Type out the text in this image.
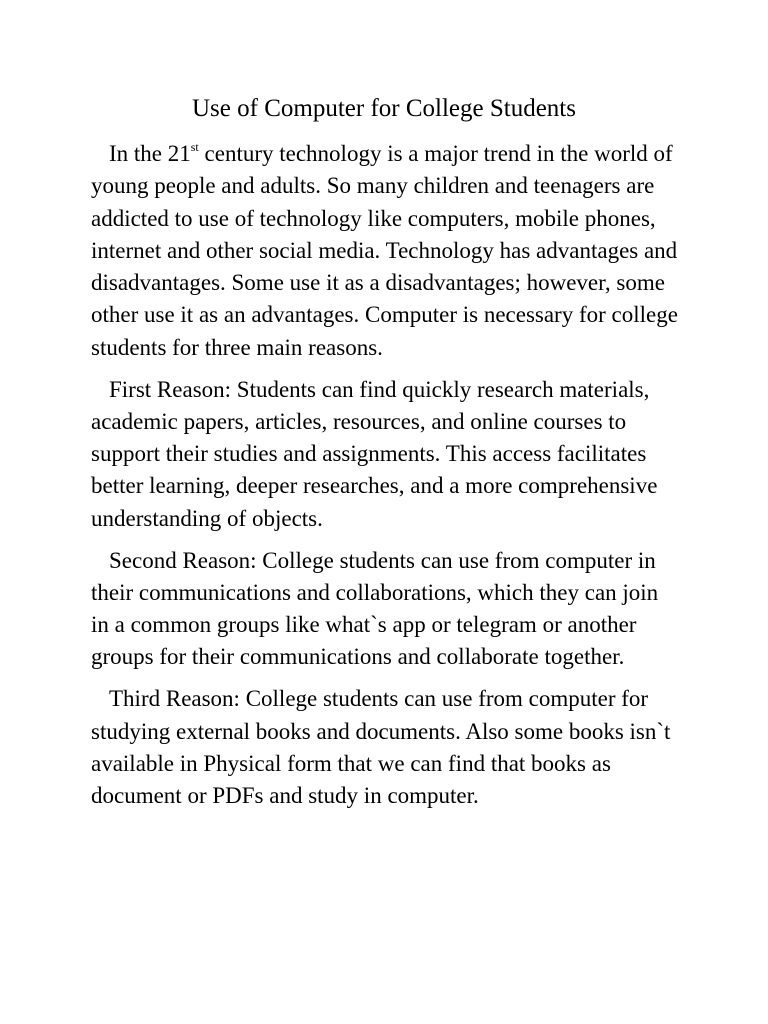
Use of Computer for College Students

In the 21st century technology is a major trend in the world of young people and adults. So many children and teenagers are addicted to use of technology like computers, mobile phones, internet and other social media. Technology has advantages and disadvantages. Some use it as a disadvantages; however, some other use it as an advantages. Computer is necessary for college students for three main reasons.

First Reason: Students can find quickly research materials, academic papers, articles, resources, and online courses to support their studies and assignments. This access facilitates better learning, deeper researches, and a more comprehensive understanding of objects.

Second Reason: College students can use from computer in their communications and collaborations, which they can join in a common groups like what`s app or telegram or another groups for their communications and collaborate together.

Third Reason: College students can use from computer for studying external books and documents. Also some books isn`t available in Physical form that we can find that books as document or PDFs and study in computer.
